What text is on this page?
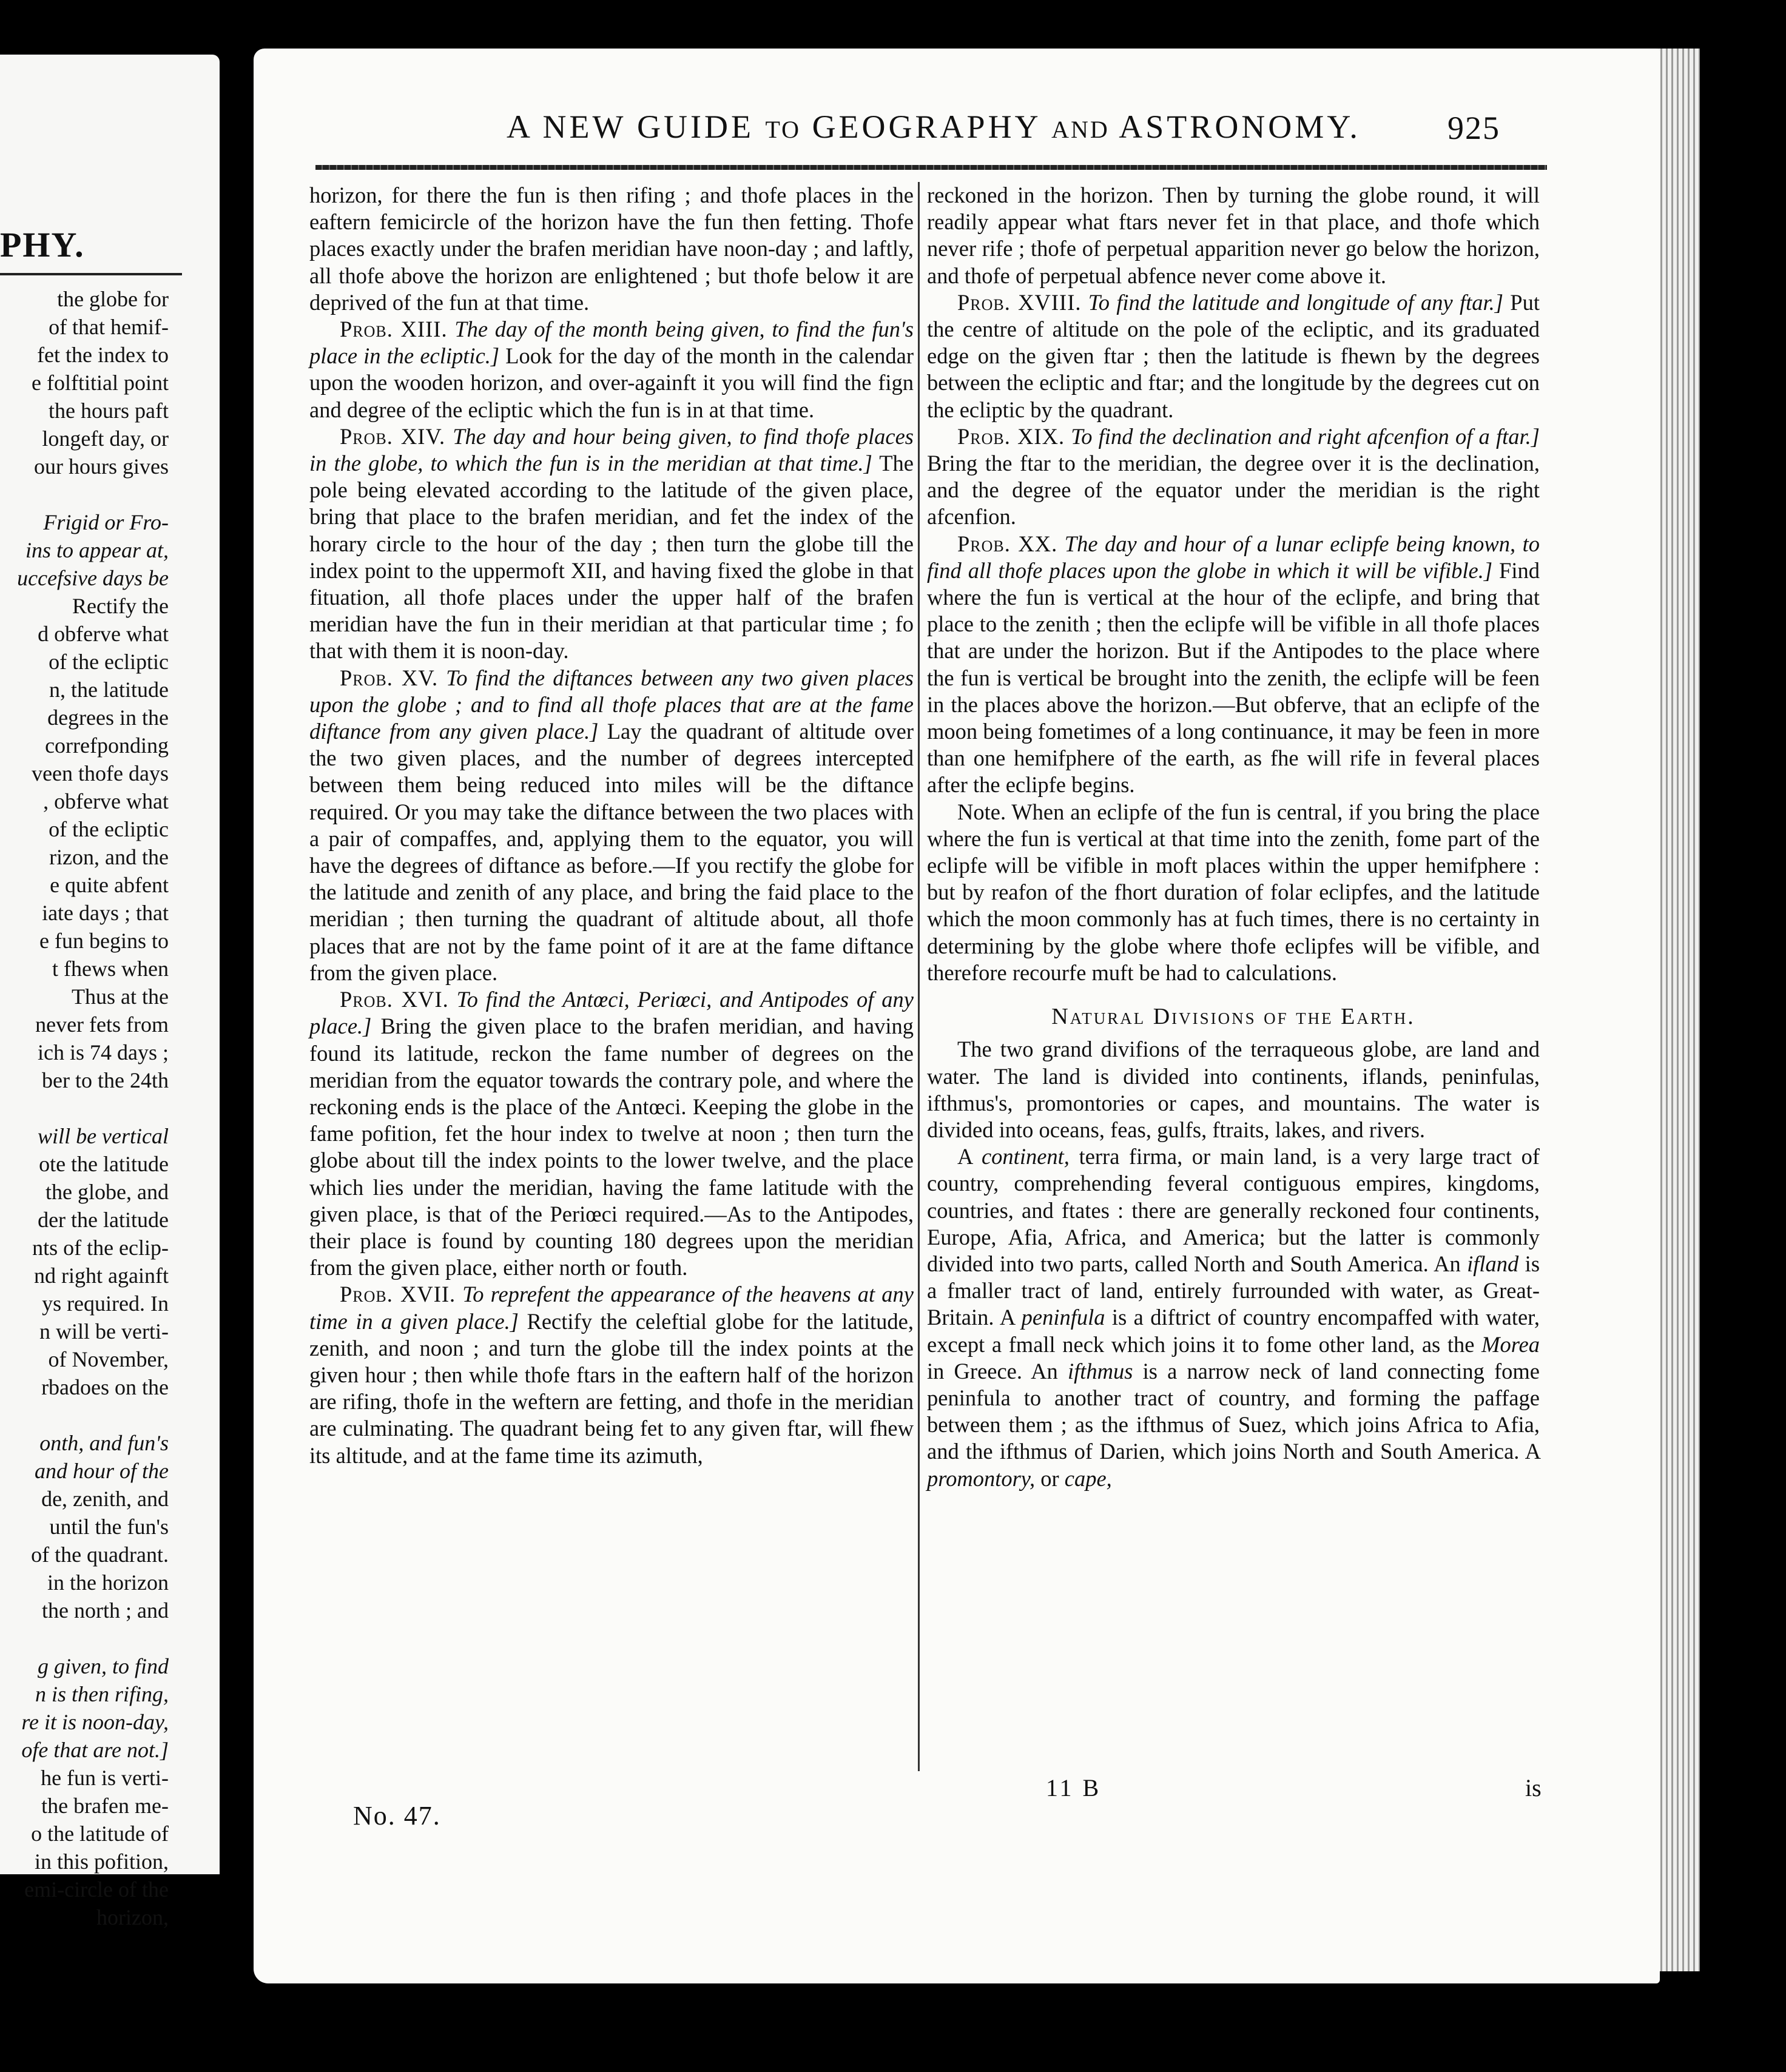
PHY.
the globe for
of that hemif-
fet the index to
e folftitial point
the hours paft
longeft day, or
our hours gives

Frigid or Fro-
ins to appear at,
uccefsive days be
Rectify the
d obferve what
of the ecliptic
n, the latitude
degrees in the
correfponding
veen thofe days
, obferve what
of the ecliptic
rizon, and the
e quite abfent
iate days ; that
e fun begins to
t fhews when
Thus at the
never fets from
ich is 74 days ;
ber to the 24th

will be vertical
ote the latitude
the globe, and
der the latitude
nts of the eclip-
nd right againft
ys required. In
n will be verti-
of November,
rbadoes on the

onth, and fun's
and hour of the
de, zenith, and
until the fun's
of the quadrant.
in the horizon
the north ; and

g given, to find
n is then rifing,
re it is noon-day,
ofe that are not.]
he fun is verti-
the brafen me-
o the latitude of
in this pofition,
emi-circle of the
horizon,
A NEW GUIDE TO GEOGRAPHY AND ASTRONOMY.	925

horizon, for there the fun is then rifing ; and thofe places in the eaftern femicircle of the horizon have the fun then fetting. Thofe places exactly under the brafen meridian have noon-day ; and laftly, all thofe above the horizon are enlightened ; but thofe below it are deprived of the fun at that time.

Prob. XIII. The day of the month being given, to find the fun's place in the ecliptic.] Look for the day of the month in the calendar upon the wooden horizon, and over-againft it you will find the fign and degree of the ecliptic which the fun is in at that time.

Prob. XIV. The day and hour being given, to find thofe places in the globe, to which the fun is in the meridian at that time.] The pole being elevated according to the latitude of the given place, bring that place to the brafen meridian, and fet the index of the horary circle to the hour of the day ; then turn the globe till the index point to the uppermoft XII, and having fixed the globe in that fituation, all thofe places under the upper half of the brafen meridian have the fun in their meridian at that particular time ; fo that with them it is noon-day.

Prob. XV. To find the diftances between any two given places upon the globe ; and to find all thofe places that are at the fame diftance from any given place.] Lay the quadrant of altitude over the two given places, and the number of degrees intercepted between them being reduced into miles will be the diftance required. Or you may take the diftance between the two places with a pair of compaffes, and, applying them to the equator, you will have the degrees of diftance as before.—If you rectify the globe for the latitude and zenith of any place, and bring the faid place to the meridian ; then turning the quadrant of altitude about, all thofe places that are not by the fame point of it are at the fame diftance from the given place.

Prob. XVI. To find the Antœci, Periœci, and Antipodes of any place.] Bring the given place to the brafen meridian, and having found its latitude, reckon the fame number of degrees on the meridian from the equator towards the contrary pole, and where the reckoning ends is the place of the Antœci. Keeping the globe in the fame pofition, fet the hour index to twelve at noon ; then turn the globe about till the index points to the lower twelve, and the place which lies under the meridian, having the fame latitude with the given place, is that of the Periœci required.—As to the Antipodes, their place is found by counting 180 degrees upon the meridian from the given place, either north or fouth.

Prob. XVII. To reprefent the appearance of the heavens at any time in a given place.] Rectify the celeftial globe for the latitude, zenith, and noon ; and turn the globe till the index points at the given hour ; then while thofe ftars in the eaftern half of the horizon are rifing, thofe in the weftern are fetting, and thofe in the meridian are culminating. The quadrant being fet to any given ftar, will fhew its altitude, and at the fame time its azimuth,

reckoned in the horizon. Then by turning the globe round, it will readily appear what ftars never fet in that place, and thofe which never rife ; thofe of perpetual apparition never go below the horizon, and thofe of perpetual abfence never come above it.

Prob. XVIII. To find the latitude and longitude of any ftar.] Put the centre of altitude on the pole of the ecliptic, and its graduated edge on the given ftar ; then the latitude is fhewn by the degrees between the ecliptic and ftar; and the longitude by the degrees cut on the ecliptic by the quadrant.

Prob. XIX. To find the declination and right afcenfion of a ftar.] Bring the ftar to the meridian, the degree over it is the declination, and the degree of the equator under the meridian is the right afcenfion.

Prob. XX. The day and hour of a lunar eclipfe being known, to find all thofe places upon the globe in which it will be vifible.] Find where the fun is vertical at the hour of the eclipfe, and bring that place to the zenith ; then the eclipfe will be vifible in all thofe places that are under the horizon. But if the Antipodes to the place where the fun is vertical be brought into the zenith, the eclipfe will be feen in the places above the horizon.—But obferve, that an eclipfe of the moon being fometimes of a long continuance, it may be feen in more than one hemifphere of the earth, as fhe will rife in feveral places after the eclipfe begins.

Note. When an eclipfe of the fun is central, if you bring the place where the fun is vertical at that time into the zenith, fome part of the eclipfe will be vifible in moft places within the upper hemifphere : but by reafon of the fhort duration of folar eclipfes, and the latitude which the moon commonly has at fuch times, there is no certainty in determining by the globe where thofe eclipfes will be vifible, and therefore recourfe muft be had to calculations.

Natural Divisions of the Earth.

The two grand divifions of the terraqueous globe, are land and water. The land is divided into continents, iflands, peninfulas, ifthmus's, promontories or capes, and mountains. The water is divided into oceans, feas, gulfs, ftraits, lakes, and rivers.

A continent, terra firma, or main land, is a very large tract of country, comprehending feveral contiguous empires, kingdoms, countries, and ftates : there are generally reckoned four continents, Europe, Afia, Africa, and America; but the latter is commonly divided into two parts, called North and South America. An ifland is a fmaller tract of land, entirely furrounded with water, as Great-Britain. A peninfula is a diftrict of country encompaffed with water, except a fmall neck which joins it to fome other land, as the Morea in Greece. An ifthmus is a narrow neck of land connecting fome peninfula to another tract of country, and forming the paffage between them ; as the ifthmus of Suez, which joins Africa to Afia, and the ifthmus of Darien, which joins North and South America. A promontory, or cape,

No. 47.
11 B	is
